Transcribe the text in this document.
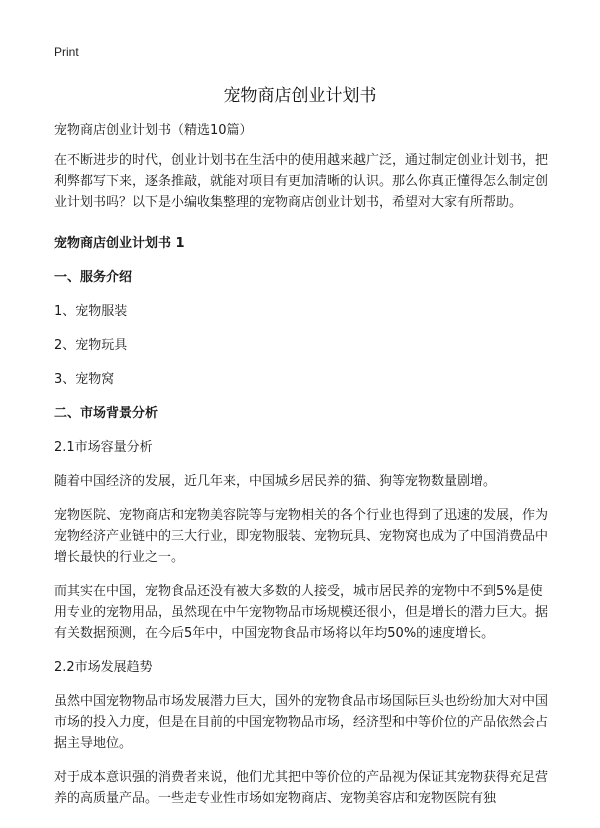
Print
宠物商店创业计划书

宠物商店创业计划书（精选10篇）

在不断进步的时代，创业计划书在生活中的使用越来越广泛，通过制定创业计划书，把利弊都写下来，逐条推敲，就能对项目有更加清晰的认识。那么你真正懂得怎么制定创业计划书吗？以下是小编收集整理的宠物商店创业计划书，希望对大家有所帮助。

宠物商店创业计划书 1

一、服务介绍

1、宠物服装

2、宠物玩具

3、宠物窝

二、市场背景分析

2.1市场容量分析

随着中国经济的发展，近几年来，中国城乡居民养的猫、狗等宠物数量剧增。

宠物医院、宠物商店和宠物美容院等与宠物相关的各个行业也得到了迅速的发展，作为宠物经济产业链中的三大行业，即宠物服装、宠物玩具、宠物窝也成为了中国消费品中增长最快的行业之一。

而其实在中国，宠物食品还没有被大多数的人接受，城市居民养的宠物中不到5%是使用专业的宠物用品，虽然现在中午宠物物品市场规模还很小，但是增长的潜力巨大。据有关数据预测，在今后5年中，中国宠物食品市场将以年均50%的速度增长。

2.2市场发展趋势

虽然中国宠物物品市场发展潜力巨大，国外的宠物食品市场国际巨头也纷纷加大对中国市场的投入力度，但是在目前的中国宠物物品市场，经济型和中等价位的产品依然会占据主导地位。

对于成本意识强的消费者来说，他们尤其把中等价位的产品视为保证其宠物获得充足营养的高质量产品。一些走专业性市场如宠物商店、宠物美容店和宠物医院有独
